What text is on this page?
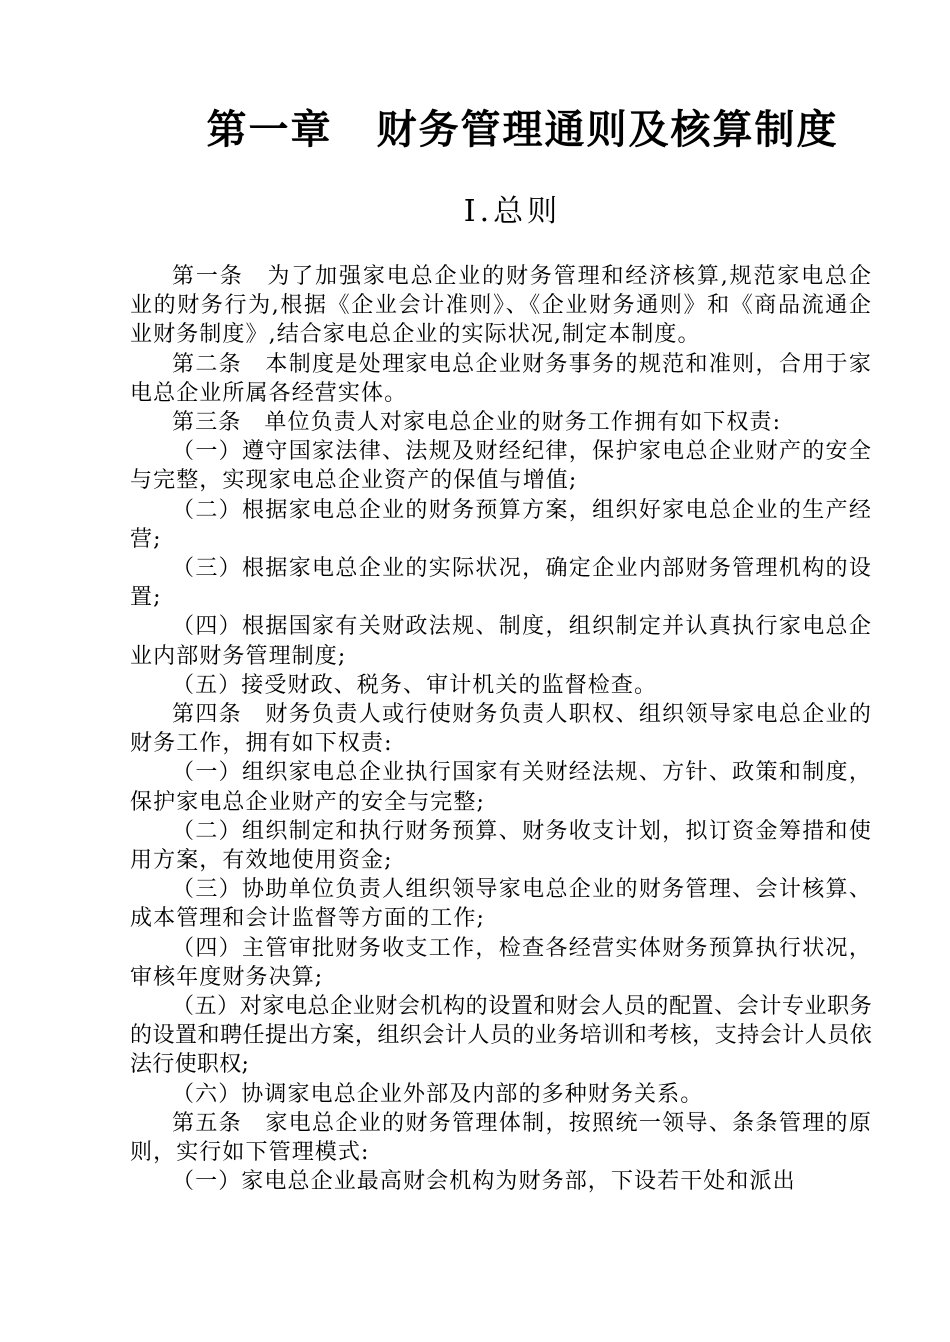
第一章 财务管理通则及核算制度
Ⅰ.总则

第一条　为了加强家电总企业的财务管理和经济核算,规范家电总企业的财务行为,根据《企业会计准则》、《企业财务通则》和《商品流通企业财务制度》,结合家电总企业的实际状况,制定本制度。

第二条　本制度是处理家电总企业财务事务的规范和准则，合用于家电总企业所属各经营实体。

第三条　单位负责人对家电总企业的财务工作拥有如下权责:

（一）遵守国家法律、法规及财经纪律，保护家电总企业财产的安全与完整，实现家电总企业资产的保值与增值;

（二）根据家电总企业的财务预算方案，组织好家电总企业的生产经营;

（三）根据家电总企业的实际状况，确定企业内部财务管理机构的设置;

（四）根据国家有关财政法规、制度，组织制定并认真执行家电总企业内部财务管理制度;

（五）接受财政、税务、审计机关的监督检查。

第四条　财务负责人或行使财务负责人职权、组织领导家电总企业的财务工作，拥有如下权责:

（一）组织家电总企业执行国家有关财经法规、方针、政策和制度，保护家电总企业财产的安全与完整;

（二）组织制定和执行财务预算、财务收支计划，拟订资金筹措和使用方案，有效地使用资金;

（三）协助单位负责人组织领导家电总企业的财务管理、会计核算、成本管理和会计监督等方面的工作;

（四）主管审批财务收支工作，检查各经营实体财务预算执行状况，审核年度财务决算;

（五）对家电总企业财会机构的设置和财会人员的配置、会计专业职务的设置和聘任提出方案，组织会计人员的业务培训和考核，支持会计人员依法行使职权;

（六）协调家电总企业外部及内部的多种财务关系。

第五条　家电总企业的财务管理体制，按照统一领导、条条管理的原则，实行如下管理模式:

（一）家电总企业最高财会机构为财务部，下设若干处和派出
